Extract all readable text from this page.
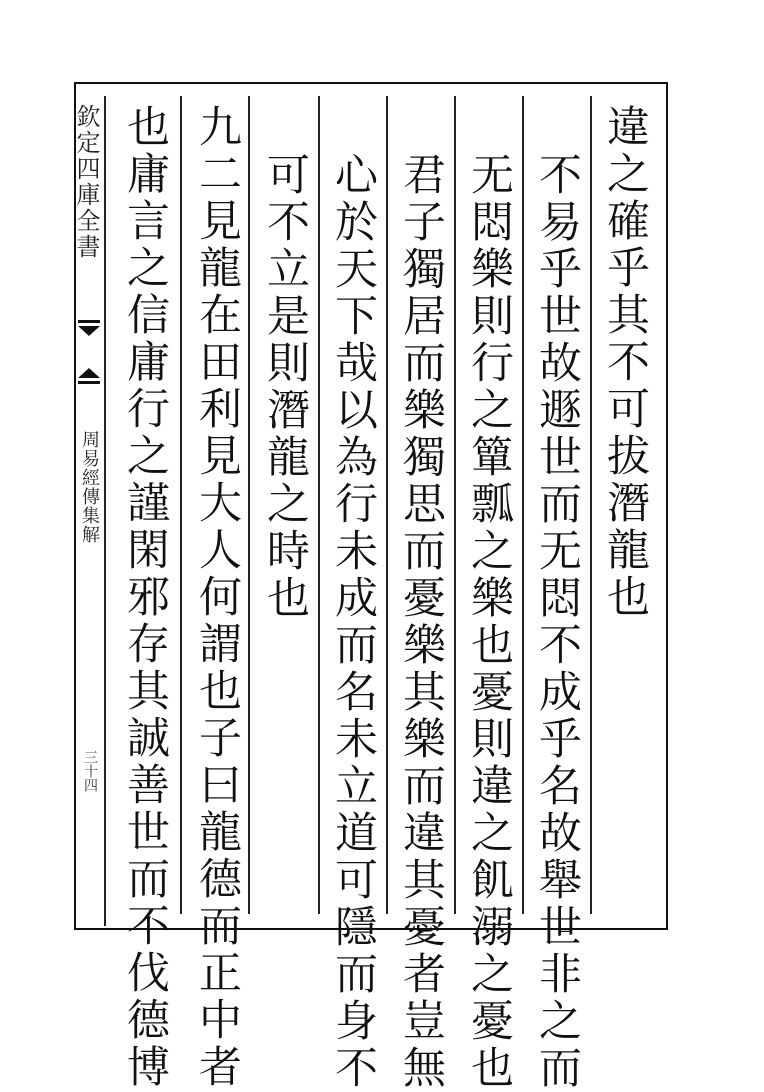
欽定四庫全書
周易經傳集解
三十四
違之確乎其不可拔潛龍也
不易乎世故遯世而无悶不成乎名故舉世非之而
无悶樂則行之簞瓢之樂也憂則違之飢溺之憂也
君子獨居而樂獨思而憂樂其樂而違其憂者豈無
心於天下哉以為行未成而名未立道可隱而身不
可不立是則潛龍之時也
九二見龍在田利見大人何謂也子曰龍德而正中者
也庸言之信庸行之謹閑邪存其誠善世而不伐德博
